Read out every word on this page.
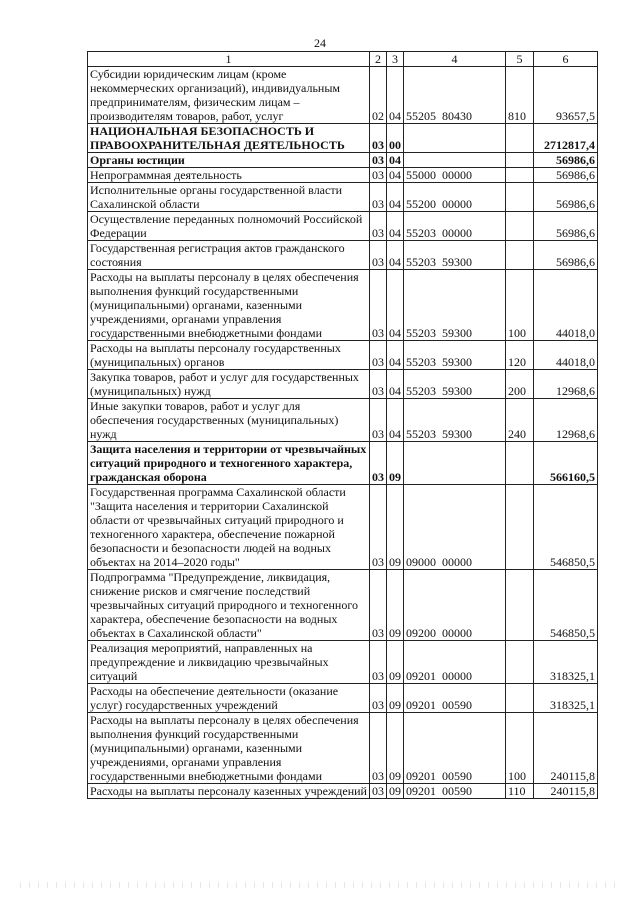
24
1	2	3	4	5	6
Субсидии юридическим лицам (кроме некоммерческих организаций), индивидуальным предпринимателям, физическим лицам – производителям товаров, работ, услуг	02	04	55205  80430	810	93657,5
НАЦИОНАЛЬНАЯ БЕЗОПАСНОСТЬ И ПРАВООХРАНИТЕЛЬНАЯ ДЕЯТЕЛЬНОСТЬ	03	00			2712817,4
Органы юстиции	03	04			56986,6
Непрограммная деятельность	03	04	55000  00000		56986,6
Исполнительные органы государственной власти Сахалинской области	03	04	55200  00000		56986,6
Осуществление переданных полномочий Российской Федерации	03	04	55203  00000		56986,6
Государственная регистрация актов гражданского состояния	03	04	55203  59300		56986,6
Расходы на выплаты персоналу в целях обеспечения выполнения функций государственными (муниципальными) органами, казенными учреждениями, органами управления государственными внебюджетными фондами	03	04	55203  59300	100	44018,0
Расходы на выплаты персоналу государственных (муниципальных) органов	03	04	55203  59300	120	44018,0
Закупка товаров, работ и услуг для государственных (муниципальных) нужд	03	04	55203  59300	200	12968,6
Иные закупки товаров, работ и услуг для обеспечения государственных (муниципальных) нужд	03	04	55203  59300	240	12968,6
Защита населения и территории от чрезвычайных ситуаций природного и техногенного характера, гражданская оборона	03	09			566160,5
Государственная программа Сахалинской области "Защита населения и территории Сахалинской области от чрезвычайных ситуаций природного и техногенного характера, обеспечение пожарной безопасности и безопасности людей на водных объектах на 2014–2020 годы"	03	09	09000  00000		546850,5
Подпрограмма "Предупреждение, ликвидация, снижение рисков и смягчение последствий чрезвычайных ситуаций природного и техногенного характера, обеспечение безопасности на водных объектах в Сахалинской области"	03	09	09200  00000		546850,5
Реализация мероприятий, направленных на предупреждение и ликвидацию чрезвычайных ситуаций	03	09	09201  00000		318325,1
Расходы на обеспечение деятельности (оказание услуг) государственных учреждений	03	09	09201  00590		318325,1
Расходы на выплаты персоналу в целях обеспечения выполнения функций государственными (муниципальными) органами, казенными учреждениями, органами управления государственными внебюджетными фондами	03	09	09201  00590	100	240115,8
Расходы на выплаты персоналу казенных учреждений	03	09	09201  00590	110	240115,8
